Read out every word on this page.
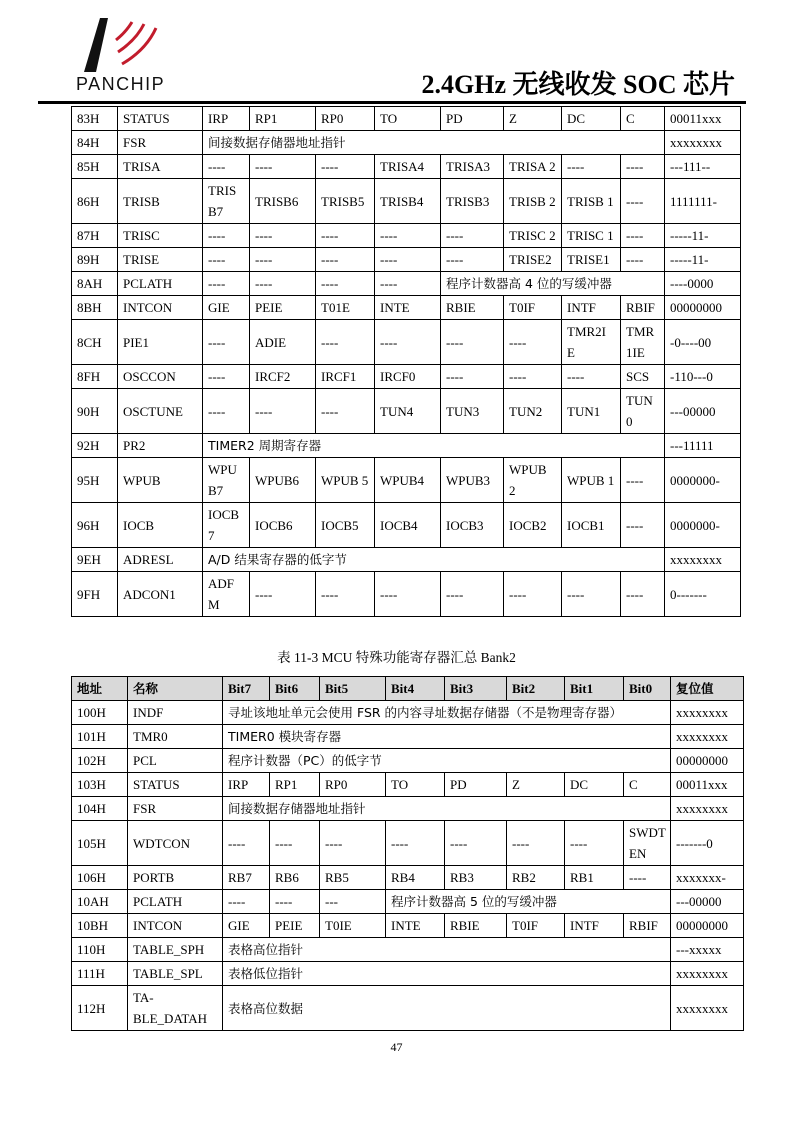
PANCHIP	2.4GHz 无线收发 SOC 芯片
83H	STATUS	IRP	RP1	RP0	TO	PD	Z	DC	C	00011xxx
84H	FSR	间接数据存储器地址指针								xxxxxxxx
85H	TRISA	----	----	----	TRISA4	TRISA3	TRISA 2	----	----	---111--
86H	TRISB	TRIS B7	TRISB6	TRISB5	TRISB4	TRISB3	TRISB 2	TRISB 1	----	1111111-
87H	TRISC	----	----	----	----	----	TRISC 2	TRISC 1	----	-----11-
89H	TRISE	----	----	----	----	----	TRISE2	TRISE1	----	-----11-
8AH	PCLATH	----	----	----	----	程序计数器高 4 位的写缓冲器				----0000
8BH	INTCON	GIE	PEIE	T01E	INTE	RBIE	T0IF	INTF	RBIF	00000000
8CH	PIE1	----	ADIE	----	----	----	----	TMR2I E	TMR 1IE	-0----00
8FH	OSCCON	----	IRCF2	IRCF1	IRCF0	----	----	----	SCS	-110---0
90H	OSCTUNE	----	----	----	TUN4	TUN3	TUN2	TUN1	TUN 0	---00000
92H	PR2	TIMER2 周期寄存器								---11111
95H	WPUB	WPU B7	WPUB6	WPUB 5	WPUB4	WPUB3	WPUB 2	WPUB 1	----	0000000-
96H	IOCB	IOCB 7	IOCB6	IOCB5	IOCB4	IOCB3	IOCB2	IOCB1	----	0000000-
9EH	ADRESL	A/D 结果寄存器的低字节								xxxxxxxx
9FH	ADCON1	ADF M	----	----	----	----	----	----	----	0-------
表 11-3 MCU 特殊功能寄存器汇总 Bank2
地址	名称	Bit7	Bit6	Bit5	Bit4	Bit3	Bit2	Bit1	Bit0	复位值
100H	INDF	寻址该地址单元会使用 FSR 的内容寻址数据存储器（不是物理寄存器）								xxxxxxxx
101H	TMR0	TIMER0 模块寄存器								xxxxxxxx
102H	PCL	程序计数器（PC）的低字节								00000000
103H	STATUS	IRP	RP1	RP0	TO	PD	Z	DC	C	00011xxx
104H	FSR	间接数据存储器地址指针								xxxxxxxx
105H	WDTCON	----	----	----	----	----	----	----	SWDT EN	-------0
106H	PORTB	RB7	RB6	RB5	RB4	RB3	RB2	RB1	----	xxxxxxx-
10AH	PCLATH	----	----	---	程序计数器高 5 位的写缓冲器					---00000
10BH	INTCON	GIE	PEIE	T0IE	INTE	RBIE	T0IF	INTF	RBIF	00000000
110H	TABLE_SPH	表格高位指针								---xxxxx
111H	TABLE_SPL	表格低位指针								xxxxxxxx
112H	TA- BLE_DATAH	表格高位数据								xxxxxxxx
47
